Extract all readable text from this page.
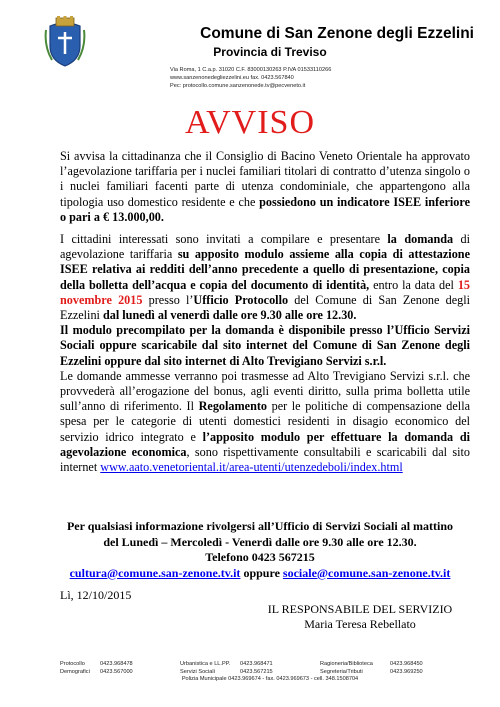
Comune di San Zenone degli Ezzelini
Provincia di Treviso
Via Roma, 1 C.a.p. 31020 C.F. 83000130263 P.IVA 01533110266
www.sanzenonedegliezzelini.eu fax. 0423.567840
Pec: protocollo.comune.sanzenonede.tv@pecveneto.it
AVVISO

Si avvisa la cittadinanza che il Consiglio di Bacino Veneto Orientale ha approvato l’agevolazione tariffaria per i nuclei familiari titolari di contratto d’utenza singolo o i nuclei familiari facenti parte di utenza condominiale, che appartengono alla tipologia uso domestico residente e che possiedono un indicatore ISEE inferiore o pari a € 13.000,00.

I cittadini interessati sono invitati a compilare e presentare la domanda di agevolazione tariffaria su apposito modulo assieme alla copia di attestazione ISEE relativa ai redditi dell’anno precedente a quello di presentazione, copia della bolletta dell’acqua e copia del documento di identità, entro la data del 15 novembre 2015 presso l’Ufficio Protocollo del Comune di San Zenone degli Ezzelini dal lunedì al venerdì dalle ore 9.30 alle ore 12.30.

Il modulo precompilato per la domanda è disponibile presso l’Ufficio Servizi Sociali oppure scaricabile dal sito internet del Comune di San Zenone degli Ezzelini oppure dal sito internet di Alto Trevigiano Servizi s.r.l.

Le domande ammesse verranno poi trasmesse ad Alto Trevigiano Servizi s.r.l. che provvederà all’erogazione del bonus, agli eventi diritto, sulla prima bolletta utile sull’anno di riferimento. Il Regolamento per le politiche di compensazione della spesa per le categorie di utenti domestici residenti in disagio economico del servizio idrico integrato e l’apposito modulo per effettuare la domanda di agevolazione economica, sono rispettivamente consultabili e scaricabili dal sito internet www.aato.venetoriental.it/area-utenti/utenzedeboli/index.html

Per qualsiasi informazione rivolgersi all’Ufficio di Servizi Sociali al mattino
del Lunedì – Mercoledì - Venerdì dalle ore 9.30 alle ore 12.30.
Telefono 0423 567215
cultura@comune.san-zenone.tv.it oppure sociale@comune.san-zenone.tv.it
Lì, 12/10/2015
IL RESPONSABILE DEL SERVIZIO
Maria Teresa Rebellato
Protocollo	0423.968478	Urbanistica e LL.PP.	0423.968471	Ragioneria/Biblioteca	0423.968450
Demografici	0423.567000	Servizi Sociali	0423.567215	Segreteria/Tributi	0423.969250
Polizia Municipale 0423.969674 - fax. 0423.969673 - cell. 348.1508704
